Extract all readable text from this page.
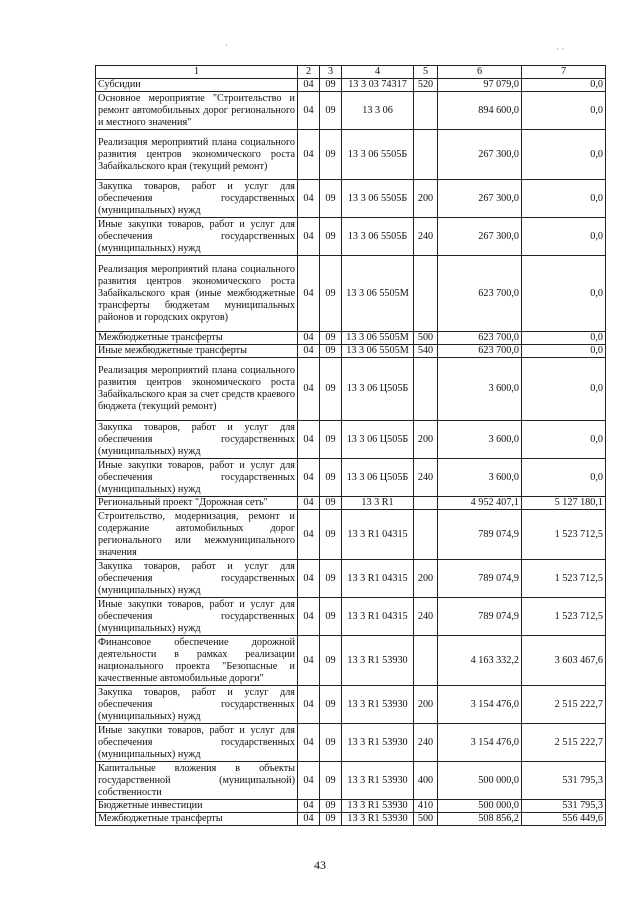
· ·
·
1	2	3	4	5	6	7
Субсидии	04	09	13 3 03 74317	520	97 079,0	0,0
Основное мероприятие "Строительство и ремонт автомобильных дорог регионального и местного значения"	04	09	13 3 06		894 600,0	0,0
Реализация мероприятий плана социального развития центров экономического роста Забайкальского края (текущий ремонт)	04	09	13 3 06 5505Б		267 300,0	0,0
Закупка товаров, работ и услуг для обеспечения государственных (муниципальных) нужд	04	09	13 3 06 5505Б	200	267 300,0	0,0
Иные закупки товаров, работ и услуг для обеспечения государственных (муниципальных) нужд	04	09	13 3 06 5505Б	240	267 300,0	0,0
Реализация мероприятий плана социального развития центров экономического роста Забайкальского края (иные межбюджетные трансферты бюджетам муниципальных районов и городских округов)	04	09	13 3 06 5505М		623 700,0	0,0
Межбюджетные трансферты	04	09	13 3 06 5505М	500	623 700,0	0,0
Иные межбюджетные трансферты	04	09	13 3 06 5505М	540	623 700,0	0,0
Реализация мероприятий плана социального развития центров экономического роста Забайкальского края за счет средств краевого бюджета (текущий ремонт)	04	09	13 3 06 Ц505Б		3 600,0	0,0
Закупка товаров, работ и услуг для обеспечения государственных (муниципальных) нужд	04	09	13 3 06 Ц505Б	200	3 600,0	0,0
Иные закупки товаров, работ и услуг для обеспечения государственных (муниципальных) нужд	04	09	13 3 06 Ц505Б	240	3 600,0	0,0
Региональный проект "Дорожная сеть"	04	09	13 3 R1		4 952 407,1	5 127 180,1
Строительство, модернизация, ремонт и содержание автомобильных дорог регионального или межмуниципального значения	04	09	13 3 R1 04315		789 074,9	1 523 712,5
Закупка товаров, работ и услуг для обеспечения государственных (муниципальных) нужд	04	09	13 3 R1 04315	200	789 074,9	1 523 712,5
Иные закупки товаров, работ и услуг для обеспечения государственных (муниципальных) нужд	04	09	13 3 R1 04315	240	789 074,9	1 523 712,5
Финансовое обеспечение дорожной деятельности в рамках реализации национального проекта "Безопасные и качественные автомобильные дороги"	04	09	13 3 R1 53930		4 163 332,2	3 603 467,6
Закупка товаров, работ и услуг для обеспечения государственных (муниципальных) нужд	04	09	13 3 R1 53930	200	3 154 476,0	2 515 222,7
Иные закупки товаров, работ и услуг для обеспечения государственных (муниципальных) нужд	04	09	13 3 R1 53930	240	3 154 476,0	2 515 222,7
Капитальные вложения в объекты государственной (муниципальной) собственности	04	09	13 3 R1 53930	400	500 000,0	531 795,3
Бюджетные инвестиции	04	09	13 3 R1 53930	410	500 000,0	531 795,3
Межбюджетные трансферты	04	09	13 3 R1 53930	500	508 856,2	556 449,6
43
